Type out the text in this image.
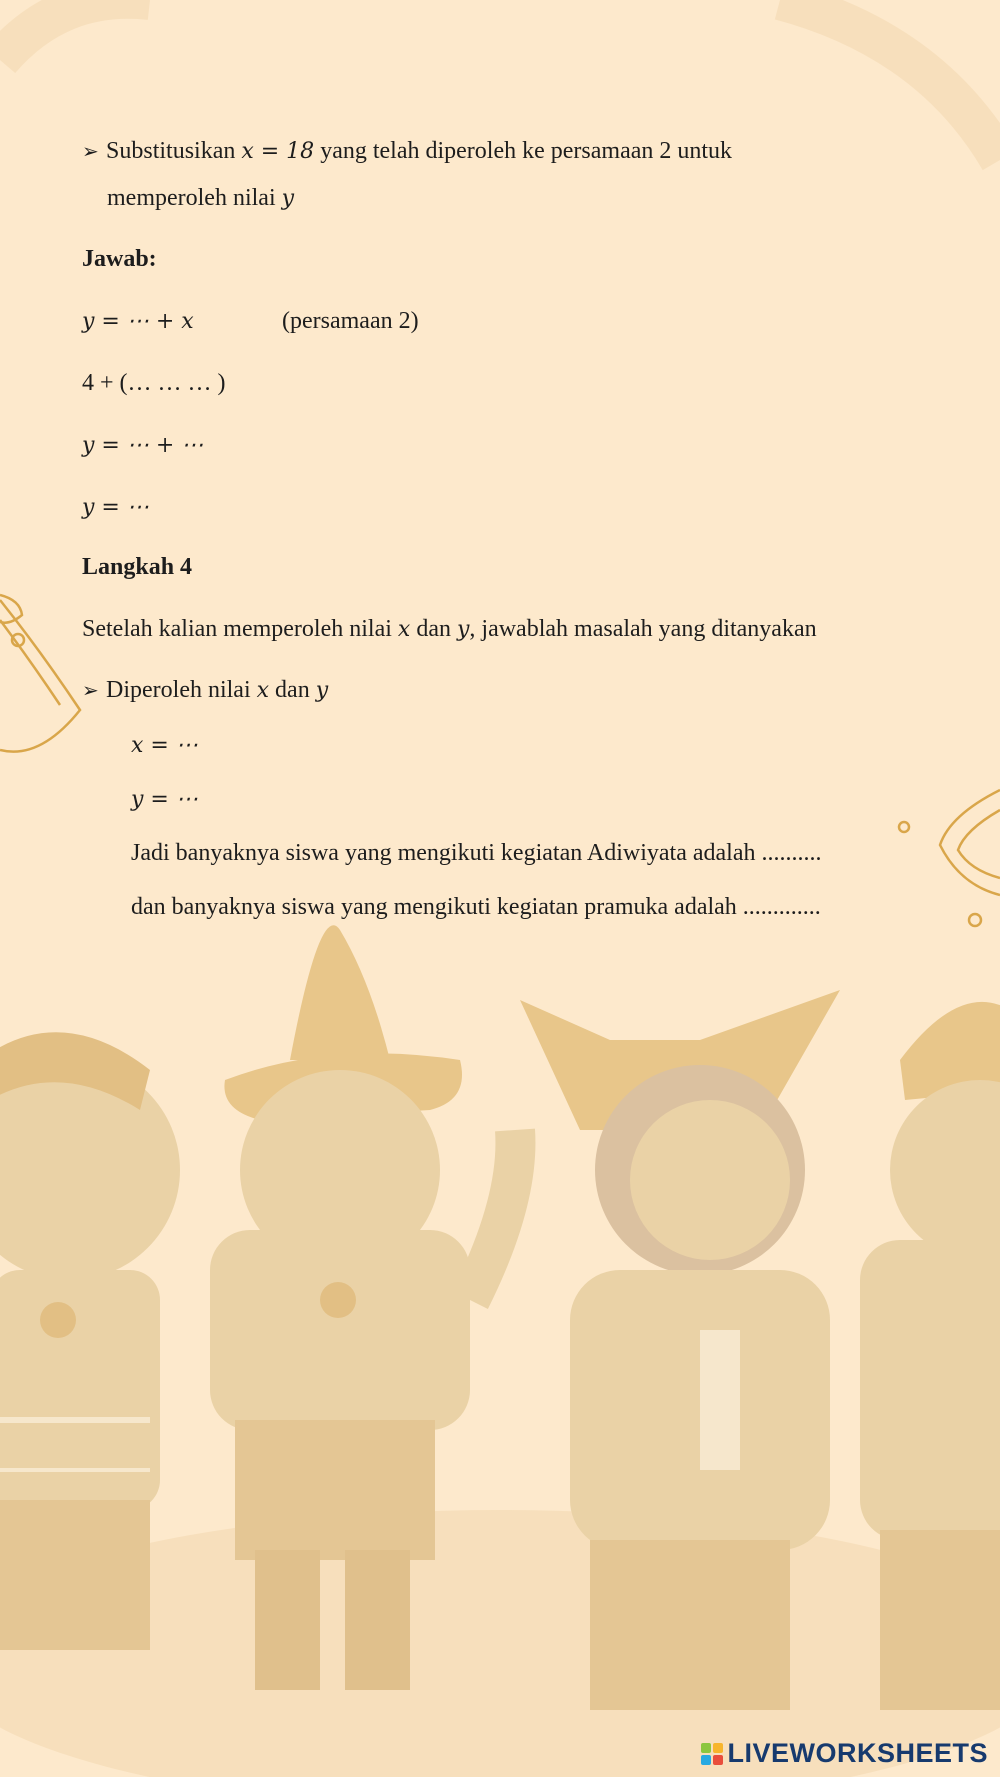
➢ Substitusikan x = 18 yang telah diperoleh ke persamaan 2 untuk
memperoleh nilai y
Jawab:
y = ⋯ + x	(persamaan 2)
4 + (… … … )
y = ⋯ + ⋯
y = ⋯
Langkah 4
Setelah kalian memperoleh nilai x dan y, jawablah masalah yang ditanyakan
➢ Diperoleh nilai x dan y
x = ⋯
y = ⋯
Jadi banyaknya siswa yang mengikuti kegiatan Adiwiyata adalah ..........
dan banyaknya siswa yang mengikuti kegiatan pramuka adalah .............
LIVEWORKSHEETS
